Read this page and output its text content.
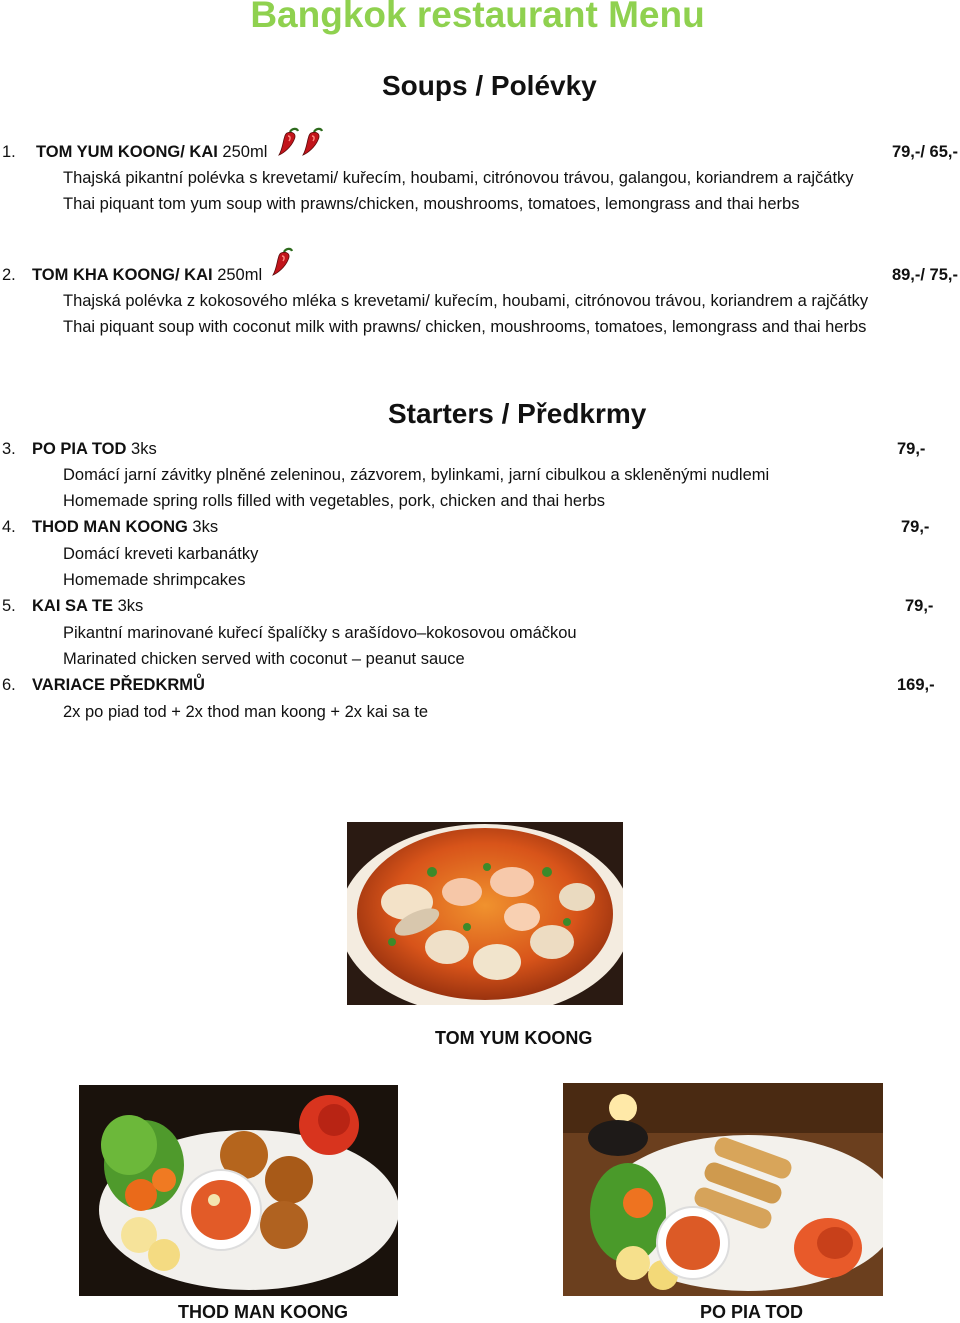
Bangkok restaurant Menu
Soups / Polévky
1. TOM YUM KOONG/ KAI 250ml	79,-/ 65,-
Thajská pikantní polévka s krevetami/ kuřecím, houbami, citrónovou trávou, galangou, koriandrem a rajčátky
Thai piquant tom yum soup with prawns/chicken, moushrooms, tomatoes, lemongrass and thai herbs
2. TOM KHA KOONG/ KAI 250ml	89,-/ 75,-
Thajská polévka z kokosového mléka s krevetami/ kuřecím, houbami, citrónovou trávou, koriandrem a rajčátky
Thai piquant soup with coconut milk with prawns/ chicken, moushrooms, tomatoes, lemongrass and thai herbs
Starters / Předkrmy
3. PO PIA TOD 3ks	79,-
Domácí jarní závitky plněné zeleninou, zázvorem, bylinkami, jarní cibulkou a skleněnými nudlemi
Homemade spring rolls filled with vegetables, pork, chicken and thai herbs
4. THOD MAN KOONG 3ks	79,-
Domácí kreveti karbanátky
Homemade shrimpcakes
5. KAI SA TE 3ks	79,-
Pikantní marinované kuřecí špalíčky s arašídovo–kokosovou omáčkou
Marinated chicken served with coconut – peanut sauce
6. VARIACE PŘEDKRMŮ	169,-
2x po piad tod + 2x thod man koong + 2x kai sa te
TOM YUM KOONG
THOD MAN KOONG	PO PIA TOD
